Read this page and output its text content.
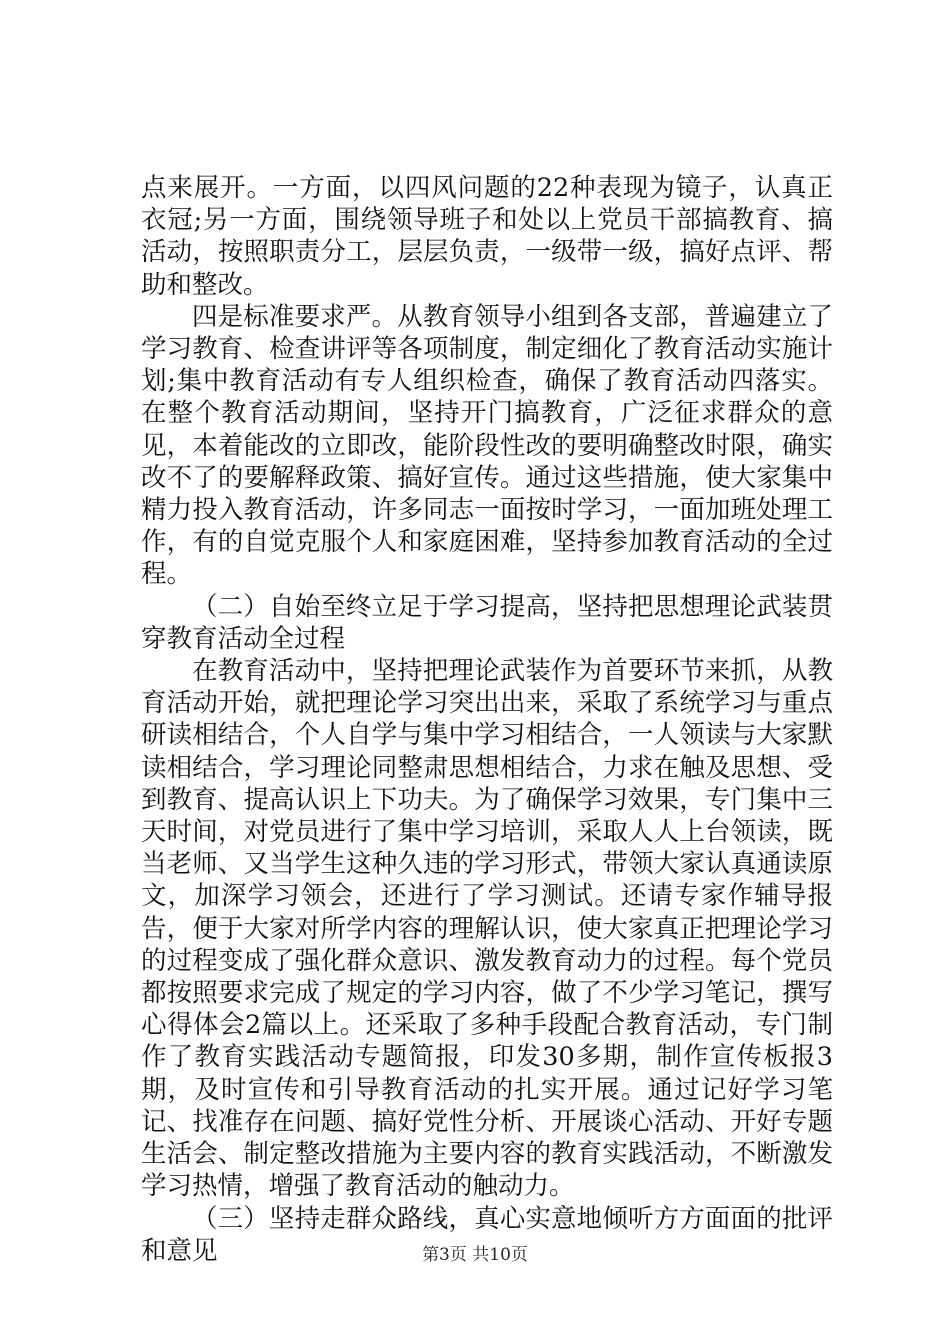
点来展开。一方面，以四风问题的22种表现为镜子，认真正衣冠;另一方面，围绕领导班子和处以上党员干部搞教育、搞活动，按照职责分工，层层负责，一级带一级，搞好点评、帮助和整改。

四是标准要求严。从教育领导小组到各支部，普遍建立了学习教育、检查讲评等各项制度，制定细化了教育活动实施计划;集中教育活动有专人组织检查，确保了教育活动四落实。在整个教育活动期间，坚持开门搞教育，广泛征求群众的意见，本着能改的立即改，能阶段性改的要明确整改时限，确实改不了的要解释政策、搞好宣传。通过这些措施，使大家集中精力投入教育活动，许多同志一面按时学习，一面加班处理工作，有的自觉克服个人和家庭困难，坚持参加教育活动的全过程。

（二）自始至终立足于学习提高，坚持把思想理论武装贯穿教育活动全过程

在教育活动中，坚持把理论武装作为首要环节来抓，从教育活动开始，就把理论学习突出出来，采取了系统学习与重点研读相结合，个人自学与集中学习相结合，一人领读与大家默读相结合，学习理论同整肃思想相结合，力求在触及思想、受到教育、提高认识上下功夫。为了确保学习效果，专门集中三天时间，对党员进行了集中学习培训，采取人人上台领读，既当老师、又当学生这种久违的学习形式，带领大家认真通读原文，加深学习领会，还进行了学习测试。还请专家作辅导报告，便于大家对所学内容的理解认识，使大家真正把理论学习的过程变成了强化群众意识、激发教育动力的过程。每个党员都按照要求完成了规定的学习内容，做了不少学习笔记，撰写心得体会2篇以上。还采取了多种手段配合教育活动，专门制作了教育实践活动专题简报，印发30多期，制作宣传板报3期，及时宣传和引导教育活动的扎实开展。通过记好学习笔记、找准存在问题、搞好党性分析、开展谈心活动、开好专题生活会、制定整改措施为主要内容的教育实践活动，不断激发学习热情，增强了教育活动的触动力。

（三）坚持走群众路线，真心实意地倾听方方面面的批评和意见	第3页 共10页
